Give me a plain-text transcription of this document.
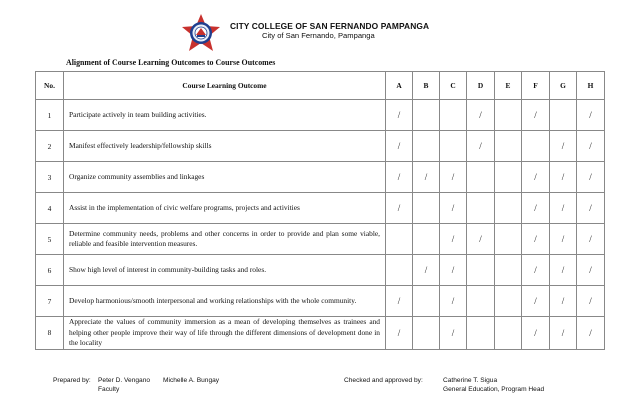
CITY COLLEGE OF SAN FERNANDO PAMPANGA
City of San Fernando, Pampanga
Alignment of Course Learning Outcomes to Course Outcomes
No.	Course Learning Outcome	A	B	C	D	E	F	G	H
1	Participate actively in team building activities.	/			/		/		/
2	Manifest effectively leadership/fellowship skills	/			/			/	/
3	Organize community assemblies and linkages	/	/	/			/	/	/
4	Assist in the implementation of civic welfare programs, projects and activities	/		/			/	/	/
5	Determine community needs, problems and other concerns in order to provide and plan some viable, reliable and feasible intervention measures.			/	/		/	/	/
6	Show high level of interest in community-building tasks and roles.		/	/			/	/	/
7	Develop harmonious/smooth interpersonal and working relationships with the whole community.	/		/			/	/	/
8	Appreciate the values of community immersion as a mean of developing themselves as trainees and helping other people improve their way of life through the different dimensions of development done in the locality	/		/			/	/	/
Prepared by: Peter D. Vengano
Faculty
Michelle A. Bungay	Checked and approved by:	Catherine T. Sigua
General Education, Program Head
